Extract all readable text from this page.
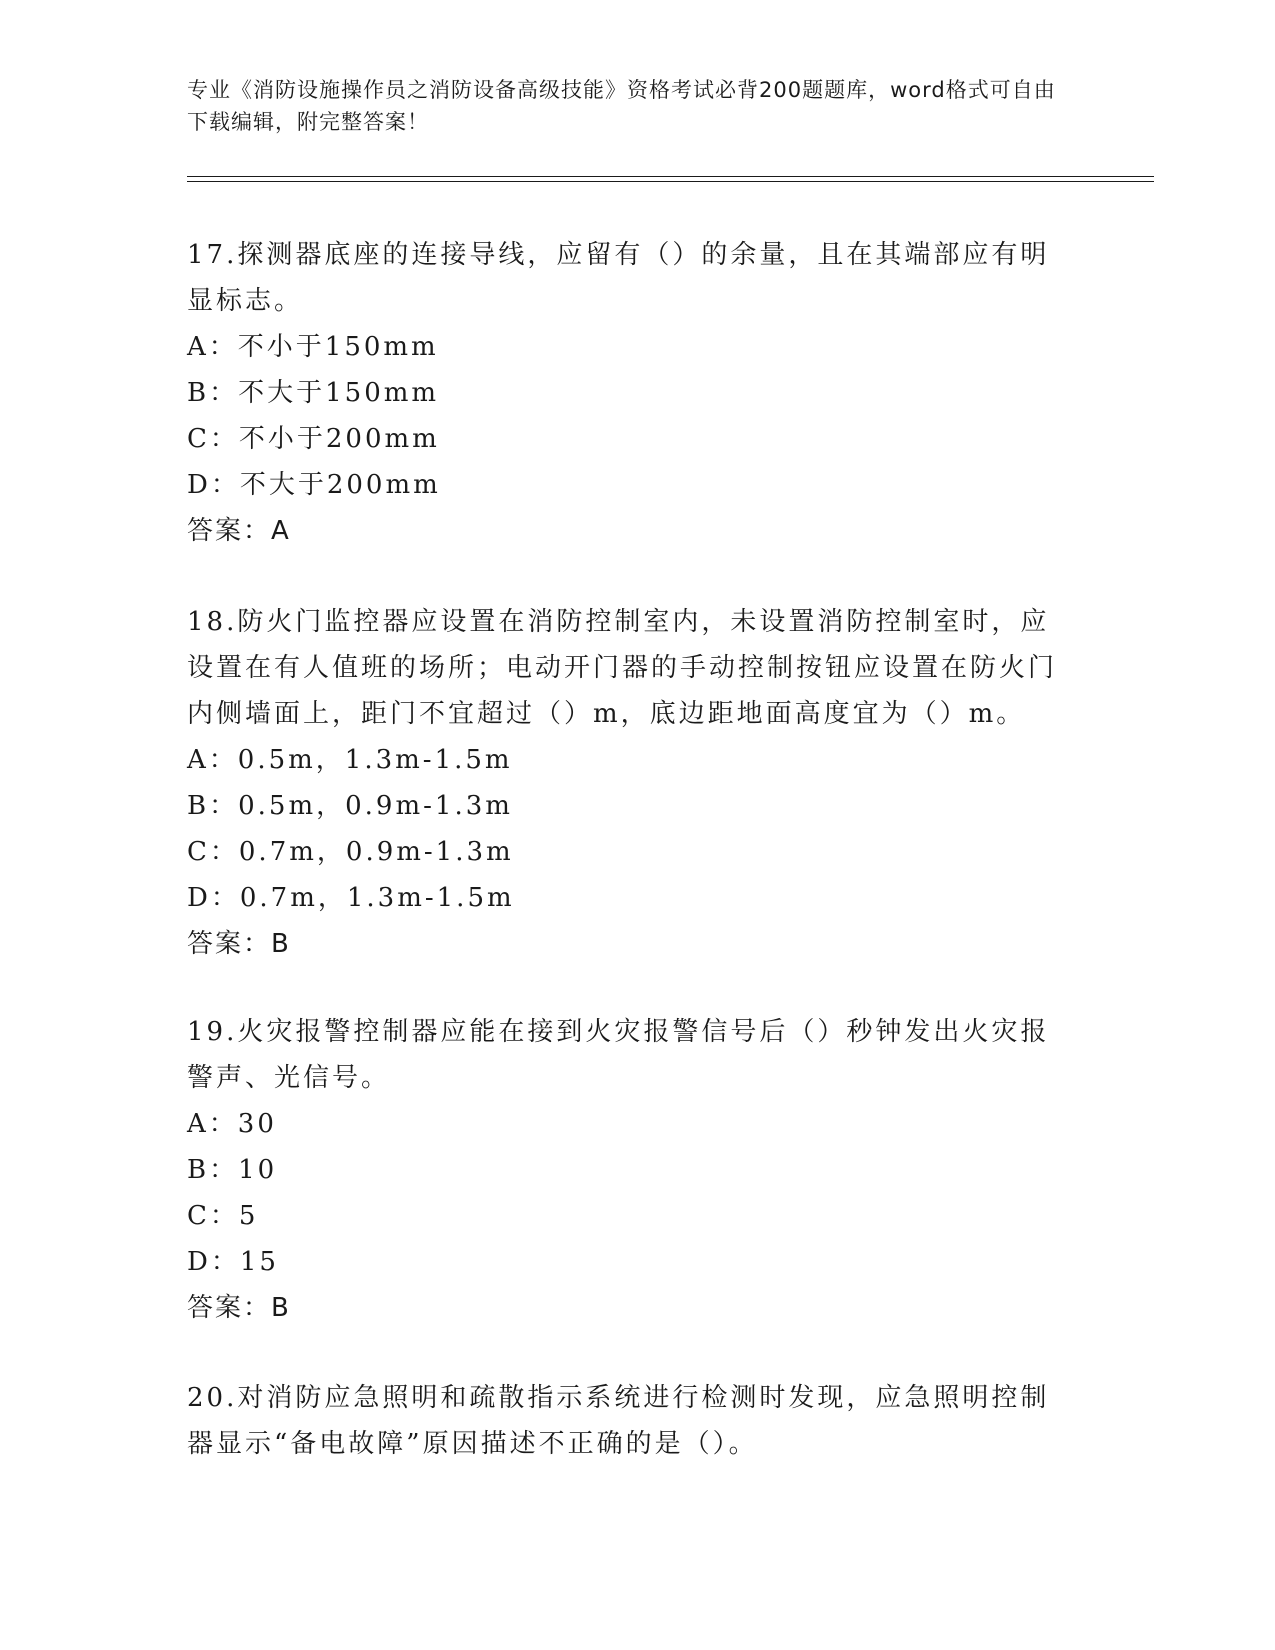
专业《消防设施操作员之消防设备高级技能》资格考试必背200题题库，word格式可自由下载编辑，附完整答案！

17.探测器底座的连接导线，应留有（）的余量，且在其端部应有明显标志。

A：不小于150mm

B：不大于150mm

C：不小于200mm

D：不大于200mm

答案：A

18.防火门监控器应设置在消防控制室内，未设置消防控制室时，应设置在有人值班的场所；电动开门器的手动控制按钮应设置在防火门内侧墙面上，距门不宜超过（）m，底边距地面高度宜为（）m。

A：0.5m，1.3m-1.5m

B：0.5m，0.9m-1.3m

C：0.7m，0.9m-1.3m

D：0.7m，1.3m-1.5m

答案：B

19.火灾报警控制器应能在接到火灾报警信号后（）秒钟发出火灾报警声、光信号。

A：30

B：10

C：5

D：15

答案：B

20.对消防应急照明和疏散指示系统进行检测时发现，应急照明控制器显示“备电故障”原因描述不正确的是（）。
